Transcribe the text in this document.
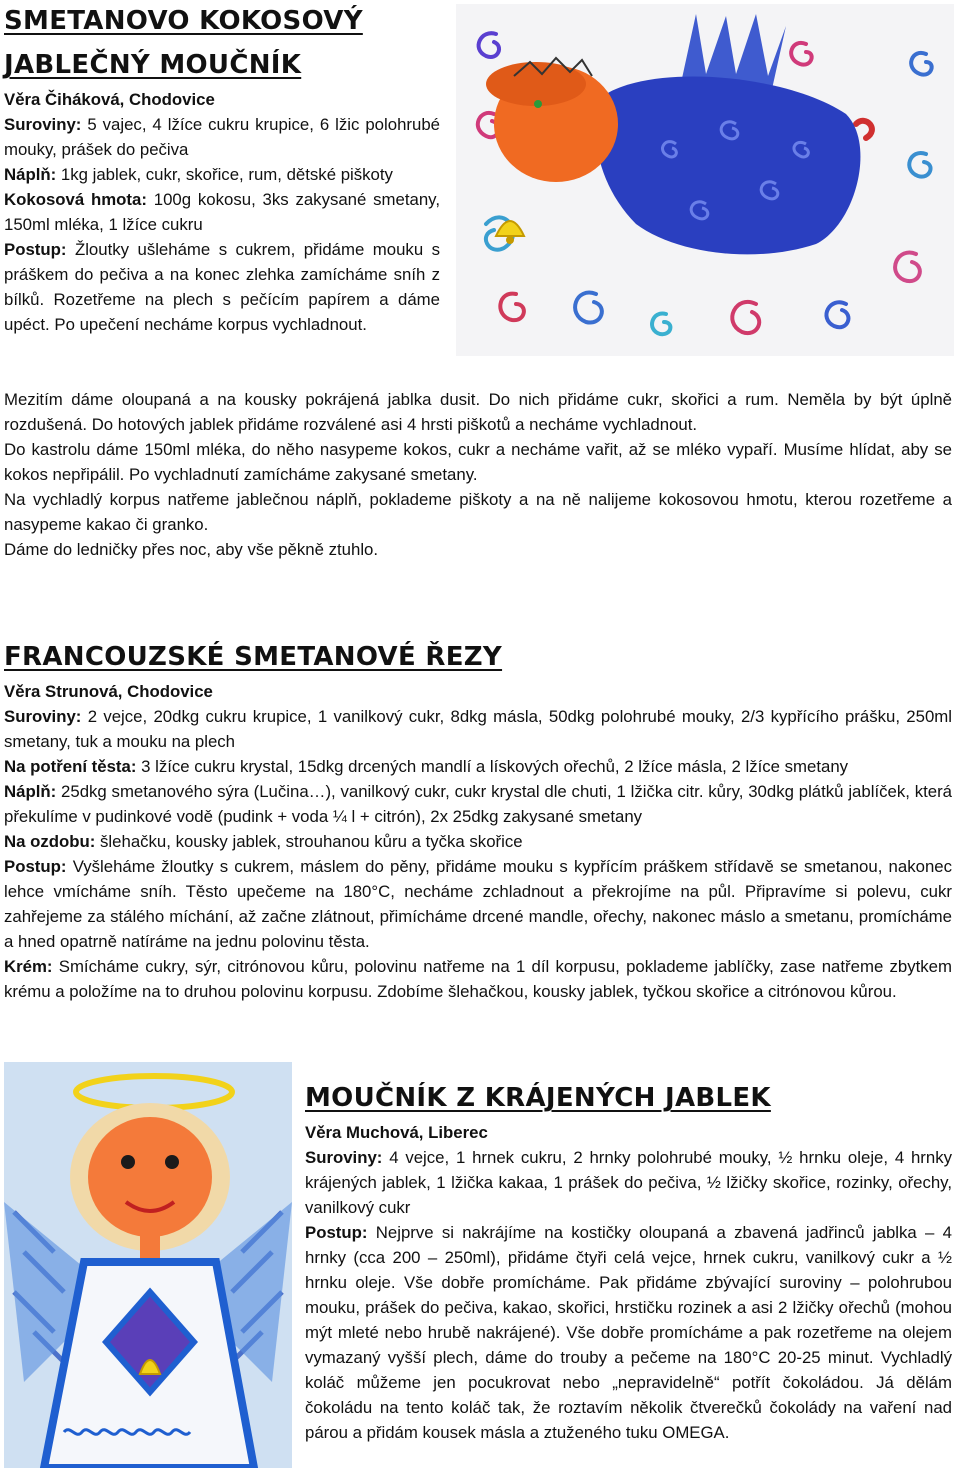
SMETANOVO KOKOSOVÝ
JABLEČNÝ MOUČNÍK

Věra Čiháková, Chodovice

Suroviny: 5 vajec, 4 lžíce cukru krupice, 6 lžic polohrubé mouky, prášek do pečiva

Náplň: 1kg jablek, cukr, skořice, rum, dětské piškoty

Kokosová hmota: 100g kokosu, 3ks zakysané smetany, 150ml mléka, 1 lžíce cukru

Postup: Žloutky ušleháme s cukrem, přidáme mouku s práškem do pečiva a na konec zlehka zamícháme sníh z bílků. Rozetřeme na plech s pečícím papírem a dáme upéct. Po upečení necháme korpus vychladnout.

Mezitím dáme oloupaná a na kousky pokrájená jablka dusit. Do nich přidáme cukr, skořici a rum. Neměla by být úplně rozdušená. Do hotových jablek přidáme rozválené asi 4 hrsti piškotů a necháme vychladnout.

Do kastrolu dáme 150ml mléka, do něho nasypeme kokos, cukr a necháme vařit, až se mléko vypaří. Musíme hlídat, aby se kokos nepřipálil. Po vychladnutí zamícháme zakysané smetany.

Na vychladlý korpus natřeme jablečnou náplň, poklademe piškoty a na ně nalijeme kokosovou hmotu, kterou rozetřeme a nasypeme kakao či granko.

Dáme do ledničky přes noc, aby vše pěkně ztuhlo.

FRANCOUZSKÉ SMETANOVÉ ŘEZY

Věra Strunová, Chodovice

Suroviny: 2 vejce, 20dkg cukru krupice, 1 vanilkový cukr, 8dkg másla, 50dkg polohrubé mouky, 2/3 kypřícího prášku, 250ml smetany, tuk a mouku na plech

Na potření těsta: 3 lžíce cukru krystal, 15dkg drcených mandlí a lískových ořechů, 2 lžíce másla, 2 lžíce smetany

Náplň: 25dkg smetanového sýra (Lučina…), vanilkový cukr, cukr krystal dle chuti, 1 lžička citr. kůry, 30dkg plátků jablíček, která překulíme v pudinkové vodě (pudink + voda ¼ l + citrón), 2x 25dkg zakysané smetany

Na ozdobu: šlehačku, kousky jablek, strouhanou kůru a tyčka skořice

Postup: Vyšleháme žloutky s cukrem, máslem do pěny, přidáme mouku s kypřícím práškem střídavě se smetanou, nakonec lehce vmícháme sníh. Těsto upečeme na 180°C, necháme zchladnout a překrojíme na půl. Připravíme si polevu, cukr zahřejeme za stálého míchání, až začne zlátnout, přimícháme drcené mandle, ořechy, nakonec máslo a smetanu, promícháme a hned opatrně natíráme na jednu polovinu těsta.

Krém: Smícháme cukry, sýr, citrónovou kůru, polovinu natřeme na 1 díl korpusu, poklademe jablíčky, zase natřeme zbytkem krému a položíme na to druhou polovinu korpusu. Zdobíme šlehačkou, kousky jablek, tyčkou skořice a citrónovou kůrou.

MOUČNÍK Z KRÁJENÝCH JABLEK

Věra Muchová, Liberec

Suroviny: 4 vejce, 1 hrnek cukru, 2 hrnky polohrubé mouky, ½ hrnku oleje, 4 hrnky krájených jablek, 1 lžička kakaa, 1 prášek do pečiva, ½ lžičky skořice, rozinky, ořechy, vanilkový cukr

Postup: Nejprve si nakrájíme na kostičky oloupaná a zbavená jadřinců jablka – 4 hrnky (cca 200 – 250ml), přidáme čtyři celá vejce, hrnek cukru, vanilkový cukr a ½ hrnku oleje. Vše dobře promícháme. Pak přidáme zbývající suroviny – polohrubou mouku, prášek do pečiva, kakao, skořici, hrstičku rozinek a asi 2 lžičky ořechů (mohou mýt mleté nebo hrubě nakrájené). Vše dobře promícháme a pak rozetřeme na olejem vymazaný vyšší plech, dáme do trouby a pečeme na 180°C 20-25 minut. Vychladlý koláč můžeme jen pocukrovat nebo „nepravidelně“ potřít čokoládou. Já dělám čokoládu na tento koláč tak, že roztavím několik čtverečků čokolády na vaření nad párou a přidám kousek másla a ztuženého tuku OMEGA.
